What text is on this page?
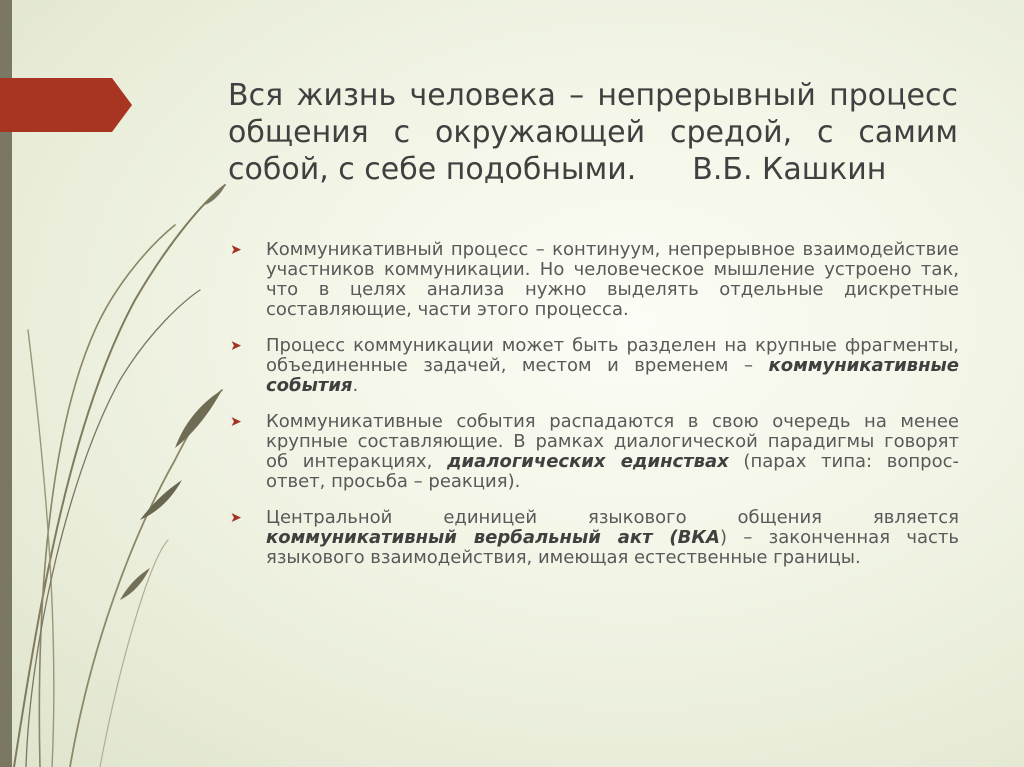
Вся жизнь человека – непрерывный процесс
общения с окружающей средой, с самим
собой, с себе подобными. В.Б. Кашкин
➤ Коммуникативный процесс – континуум, непрерывное взаимодействие участников коммуникации. Но человеческое мышление устроено так, что в целях анализа нужно выделять отдельные дискретные составляющие, части этого процесса.
➤ Процесс коммуникации может быть разделен на крупные фрагменты, объединенные задачей, местом и временем – коммуникативные события.
➤ Коммуникативные события распадаются в свою очередь на менее крупные составляющие. В рамках диалогической парадигмы говорят об интеракциях, диалогических единствах (парах типа: вопрос-ответ, просьба – реакция).
➤ Центральной единицей языкового общения является коммуникативный вербальный акт (ВКА) – законченная часть языкового взаимодействия, имеющая естественные границы.
